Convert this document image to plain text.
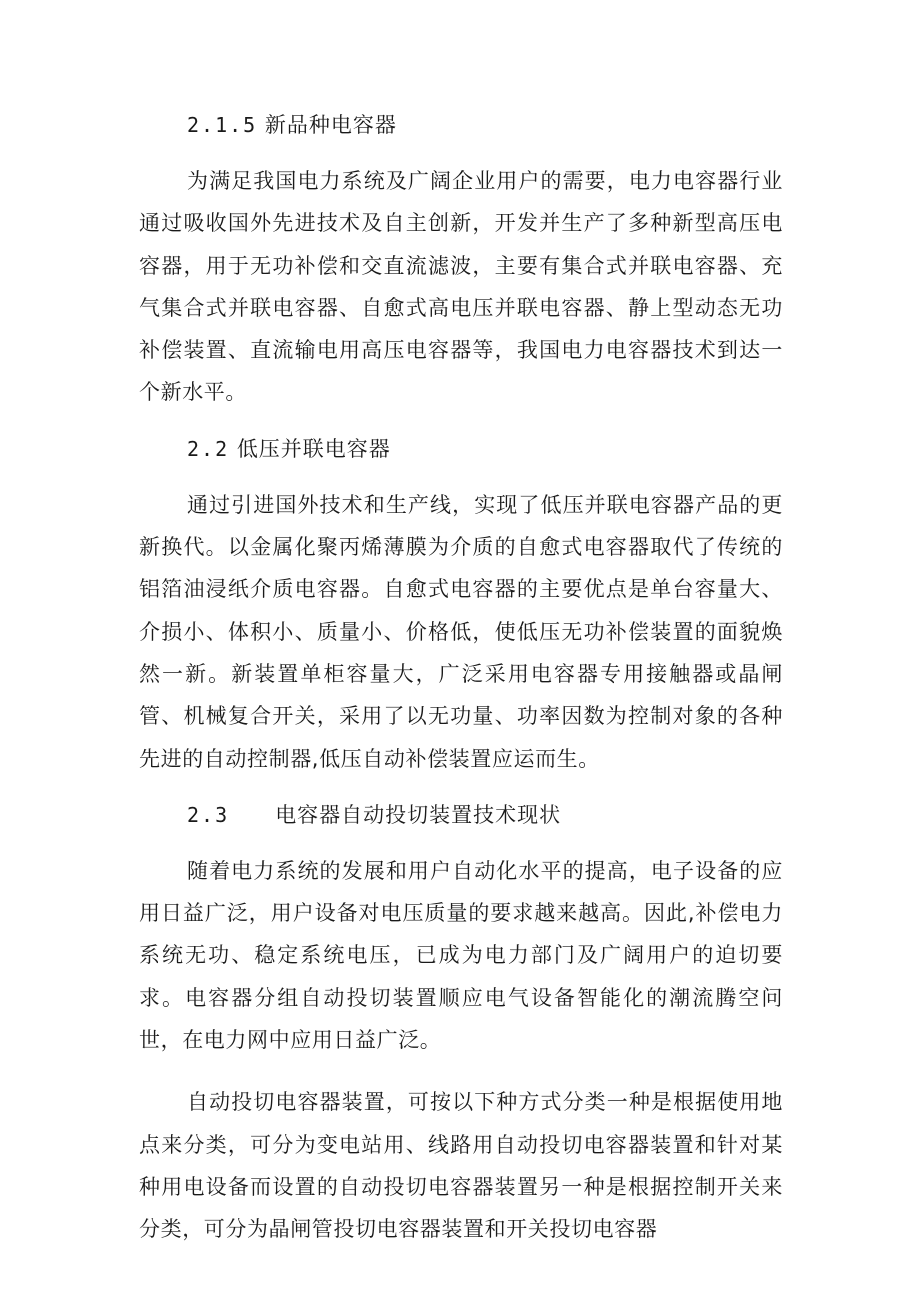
2.1.5 新品种电容器

为满足我国电力系统及广阔企业用户的需要，电力电容器行业通过吸收国外先进技术及自主创新，开发并生产了多种新型高压电容器，用于无功补偿和交直流滤波，主要有集合式并联电容器、充气集合式并联电容器、自愈式高电压并联电容器、静上型动态无功补偿装置、直流输电用高压电容器等，我国电力电容器技术到达一个新水平。

2.2 低压并联电容器

通过引进国外技术和生产线，实现了低压并联电容器产品的更新换代。以金属化聚丙烯薄膜为介质的自愈式电容器取代了传统的铝箔油浸纸介质电容器。自愈式电容器的主要优点是单台容量大、介损小、体积小、质量小、价格低，使低压无功补偿装置的面貌焕然一新。新装置单柜容量大，广泛采用电容器专用接触器或晶闸管、机械复合开关，采用了以无功量、功率因数为控制对象的各种先进的自动控制器,低压自动补偿装置应运而生。

2.3 电容器自动投切装置技术现状

随着电力系统的发展和用户自动化水平的提高，电子设备的应用日益广泛，用户设备对电压质量的要求越来越高。因此,补偿电力系统无功、稳定系统电压，已成为电力部门及广阔用户的迫切要求。电容器分组自动投切装置顺应电气设备智能化的潮流腾空问世，在电力网中应用日益广泛。

自动投切电容器装置，可按以下种方式分类一种是根据使用地点来分类，可分为变电站用、线路用自动投切电容器装置和针对某种用电设备而设置的自动投切电容器装置另一种是根据控制开关来分类，可分为晶闸管投切电容器装置和开关投切电容器
